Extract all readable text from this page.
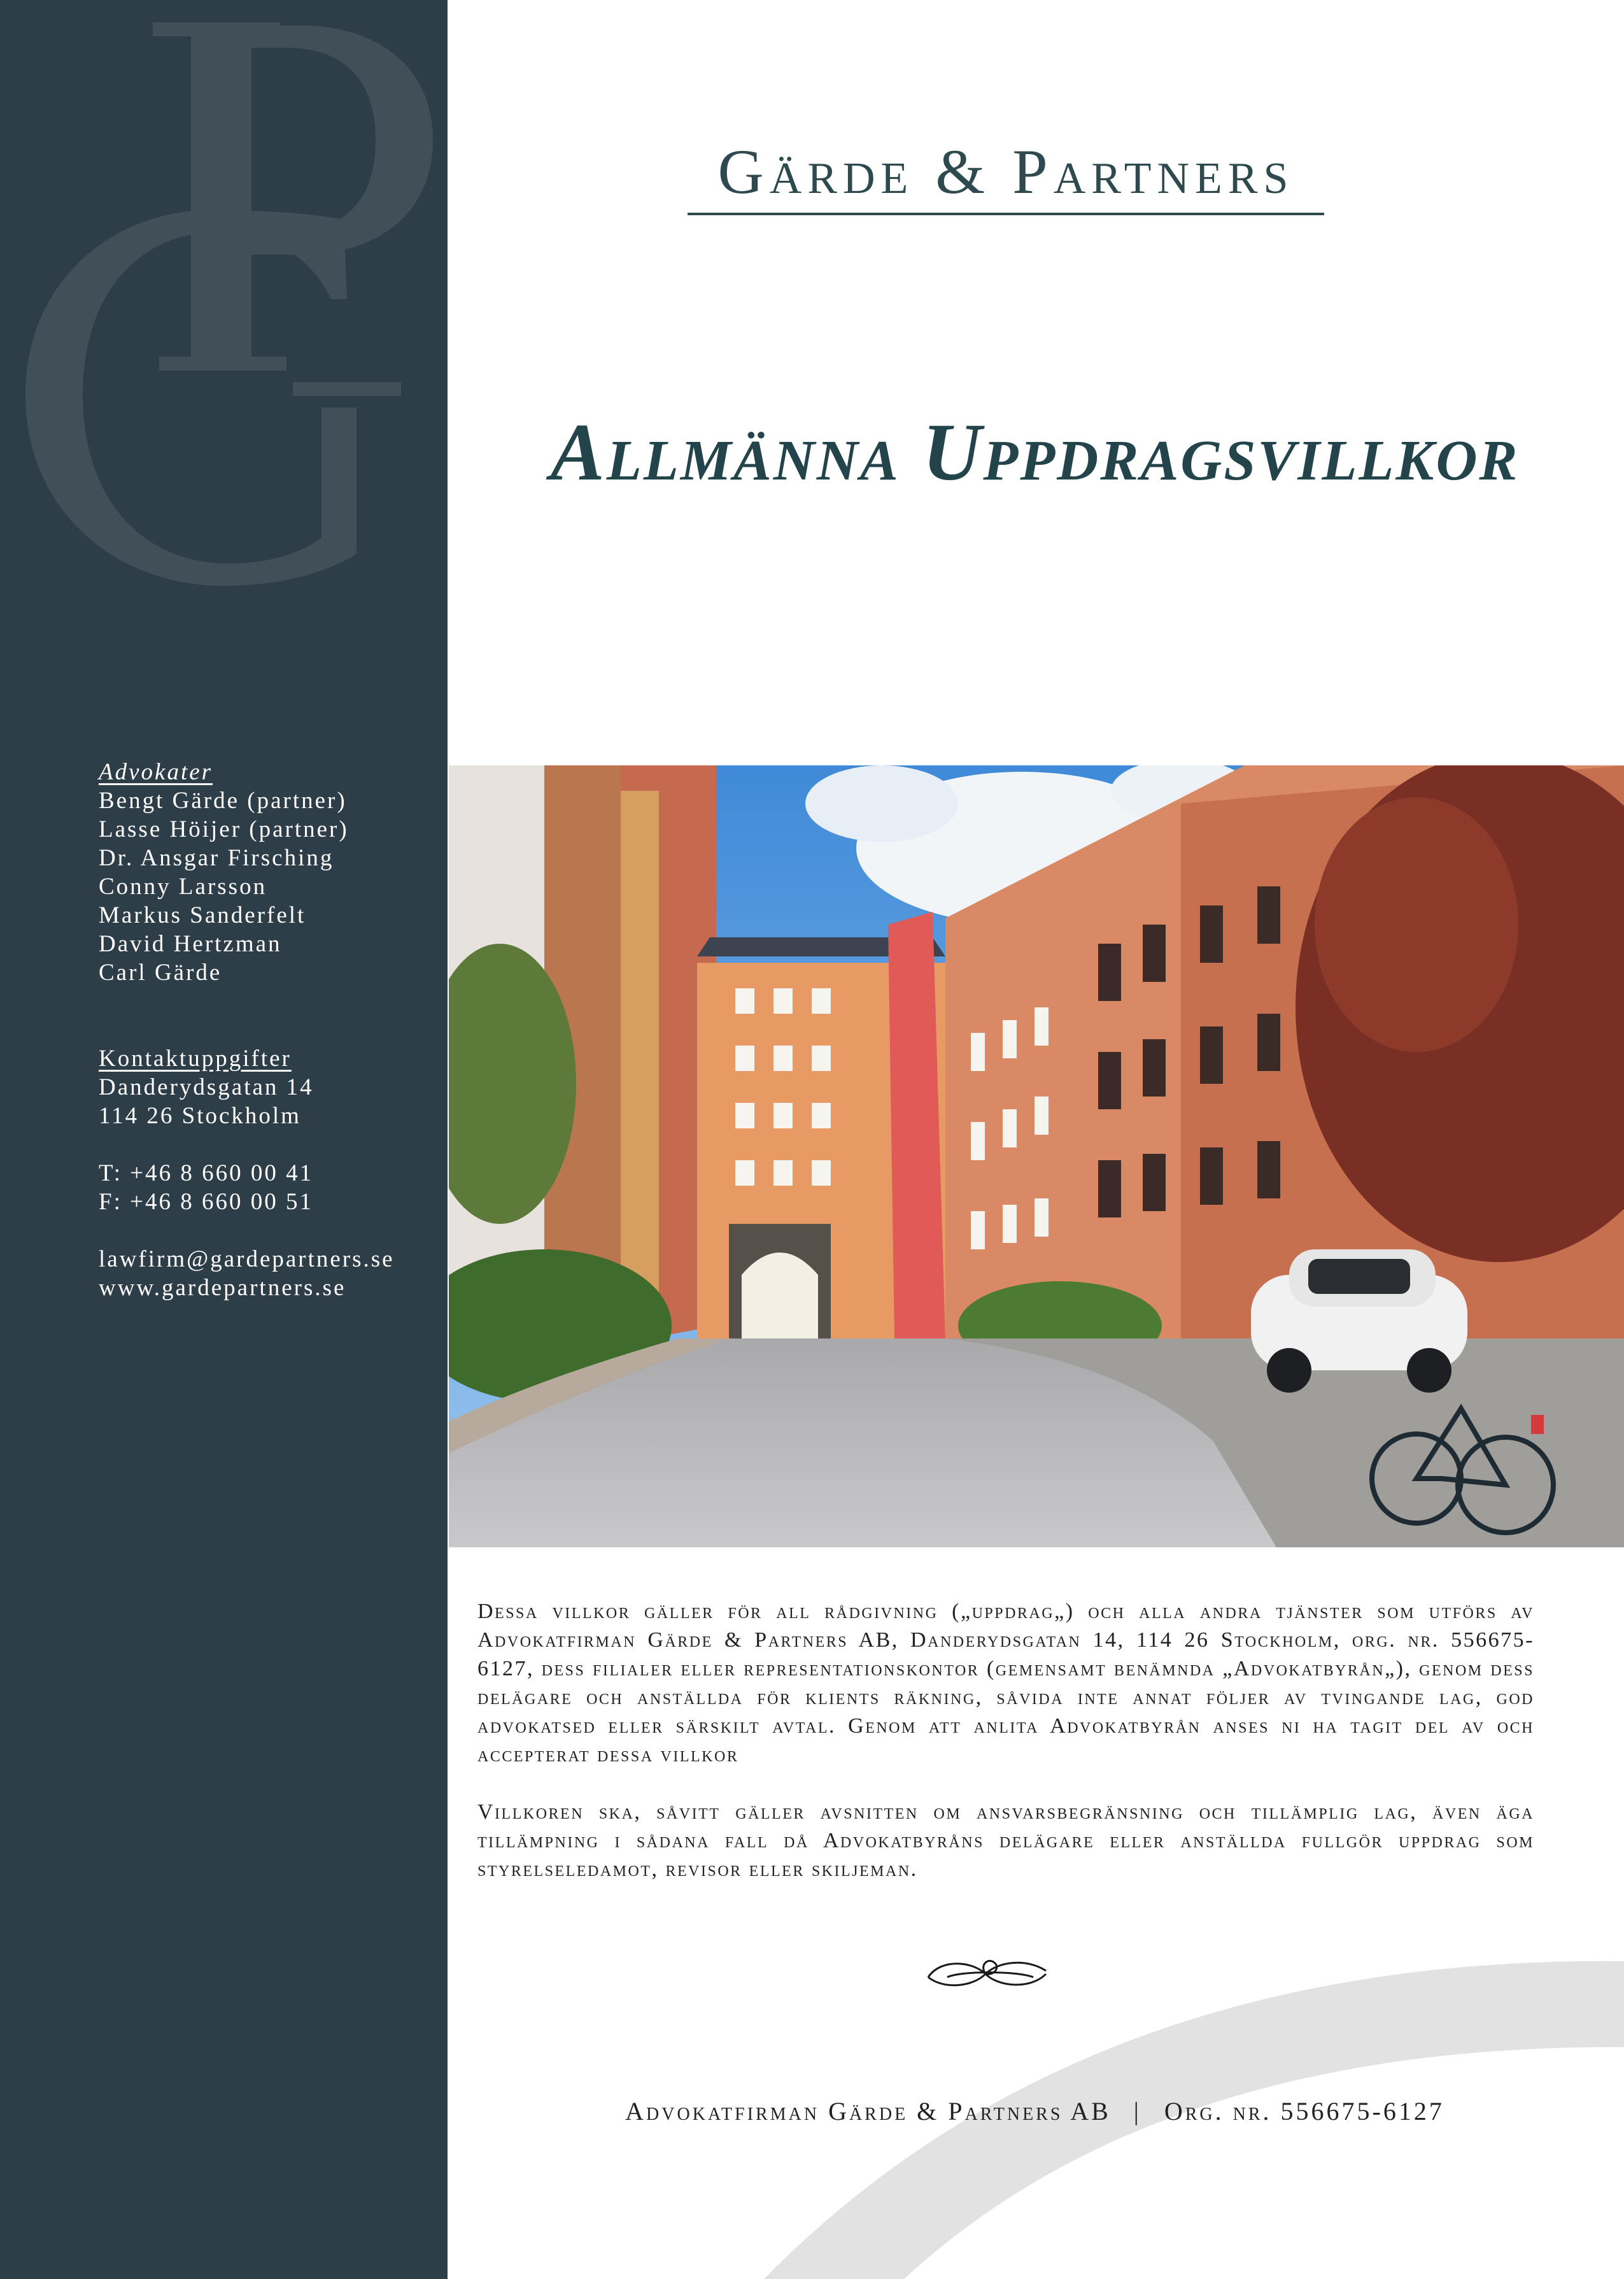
Advokater
Bengt Gärde (partner)
Lasse Höijer (partner)
Dr. Ansgar Firsching
Conny Larsson
Markus Sanderfelt
David Hertzman
Carl Gärde
Kontaktuppgifter
Danderydsgatan 14
114 26 Stockholm
T: +46 8 660 00 41
F: +46 8 660 00 51
lawfirm@gardepartners.se
www.gardepartners.se
Gärde & Partners
Allmänna Uppdragsvillkor
Dessa villkor gäller för all rådgivning („uppdrag„) och alla andra tjänster som utförs av Advokatfirman Gärde & Partners AB, Danderydsgatan 14, 114 26 Stockholm, org. nr. 556675-6127, dess filialer eller representationskontor (gemensamt benämnda „Advokatbyrån„), genom dess delägare och anställda för klients räkning, såvida inte annat följer av tvingande lag, god advokatsed eller särskilt avtal. Genom att anlita Advokatbyrån anses ni ha tagit del av och accepterat dessa villkor
Villkoren ska, såvitt gäller avsnitten om ansvarsbegränsning och tillämplig lag, även äga tillämpning i sådana fall då Advokatbyråns delägare eller anställda fullgör uppdrag som styrelseledamot, revisor eller skiljeman.
Advokatfirman Gärde & Partners AB | Org. nr. 556675-6127
